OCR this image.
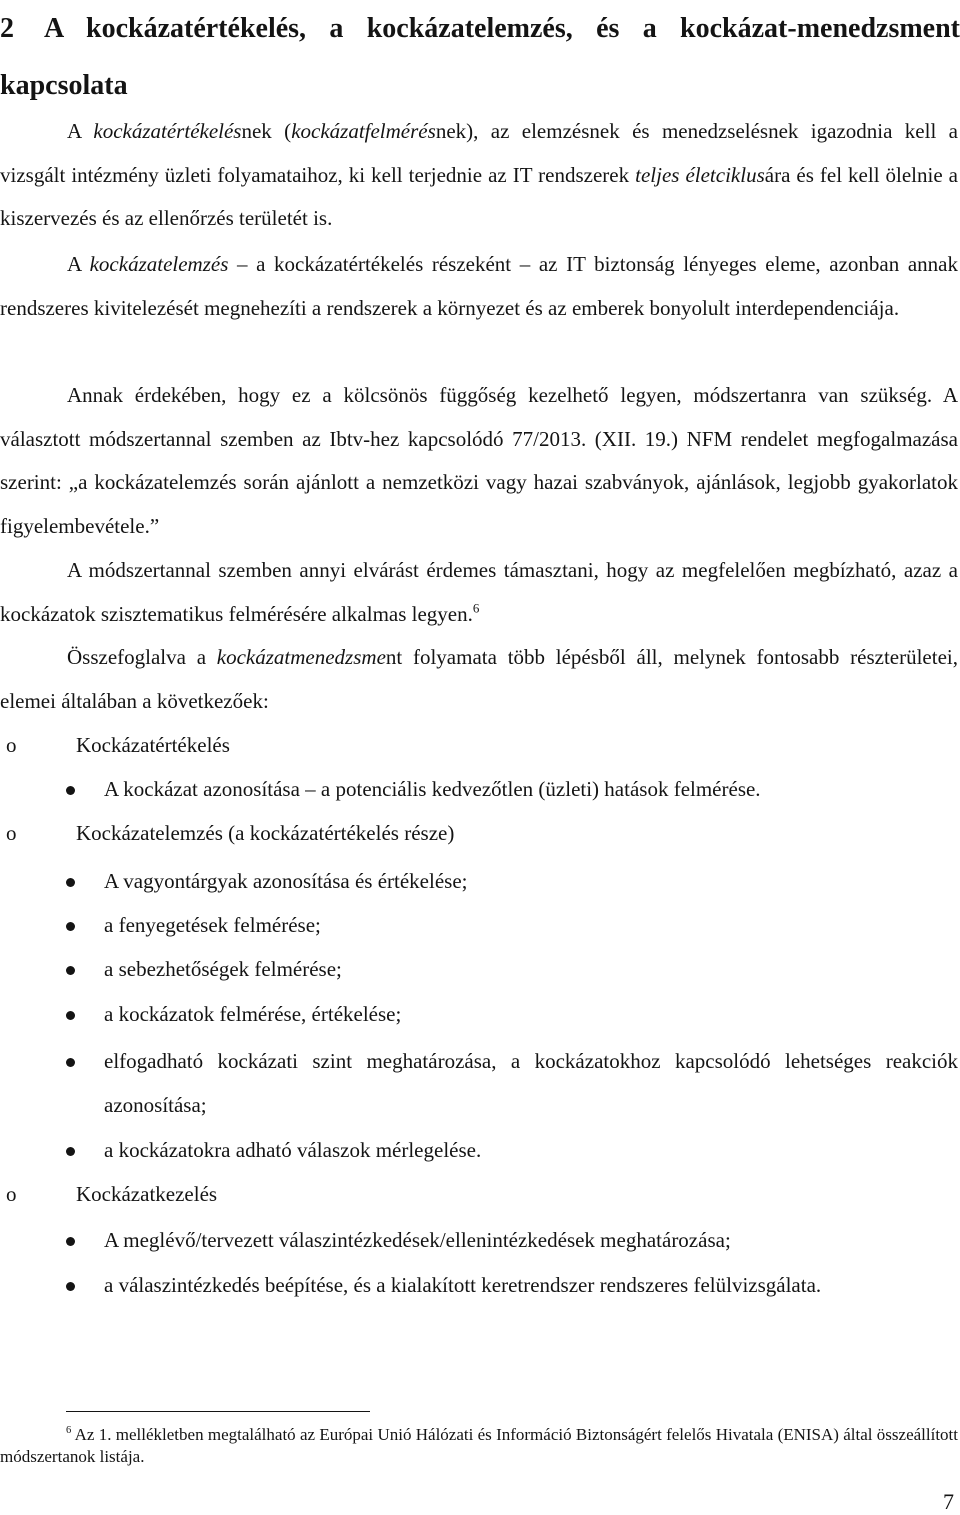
2 A kockázatértékelés, a kockázatelemzés, és a kockázat-menedzsment kapcsolata
A kockázatértékelésnek (kockázatfelmérésnek), az elemzésnek és menedzselésnek igazodnia kell a vizsgált intézmény üzleti folyamataihoz, ki kell terjednie az IT rendszerek teljes életciklusára és fel kell ölelnie a kiszervezés és az ellenőrzés területét is.
A kockázatelemzés – a kockázatértékelés részeként – az IT biztonság lényeges eleme, azonban annak rendszeres kivitelezését megnehezíti a rendszerek a környezet és az emberek bonyolult interdependenciája.
Annak érdekében, hogy ez a kölcsönös függőség kezelhető legyen, módszertanra van szükség. A választott módszertannal szemben az Ibtv-hez kapcsolódó 77/2013. (XII. 19.) NFM rendelet megfogalmazása szerint: „a kockázatelemzés során ajánlott a nemzetközi vagy hazai szabványok, ajánlások, legjobb gyakorlatok figyelembevétele.”
A módszertannal szemben annyi elvárást érdemes támasztani, hogy az megfelelően megbízható, azaz a kockázatok szisztematikus felmérésére alkalmas legyen.$^6$
Összefoglalva a kockázatmenedzsment folyamata több lépésből áll, melynek fontosabb részterületei, elemei általában a következőek:
o	Kockázatértékelés
A kockázat azonosítása – a potenciális kedvezőtlen (üzleti) hatások felmérése.
o	Kockázatelemzés (a kockázatértékelés része)
A vagyontárgyak azonosítása és értékelése;
a fenyegetések felmérése;
a sebezhetőségek felmérése;
a kockázatok felmérése, értékelése;
elfogadható kockázati szint meghatározása, a kockázatokhoz kapcsolódó lehetséges reakciók azonosítása;
a kockázatokra adható válaszok mérlegelése.
o	Kockázatkezelés
A meglévő/tervezett válaszintézkedések/ellenintézkedések meghatározása;
a válaszintézkedés beépítése, és a kialakított keretrendszer rendszeres felülvizsgálata.
$^6$ Az 1. mellékletben megtalálható az Európai Unió Hálózati és Információ Biztonságért felelős Hivatala (ENISA) által összeállított módszertanok listája.
7
